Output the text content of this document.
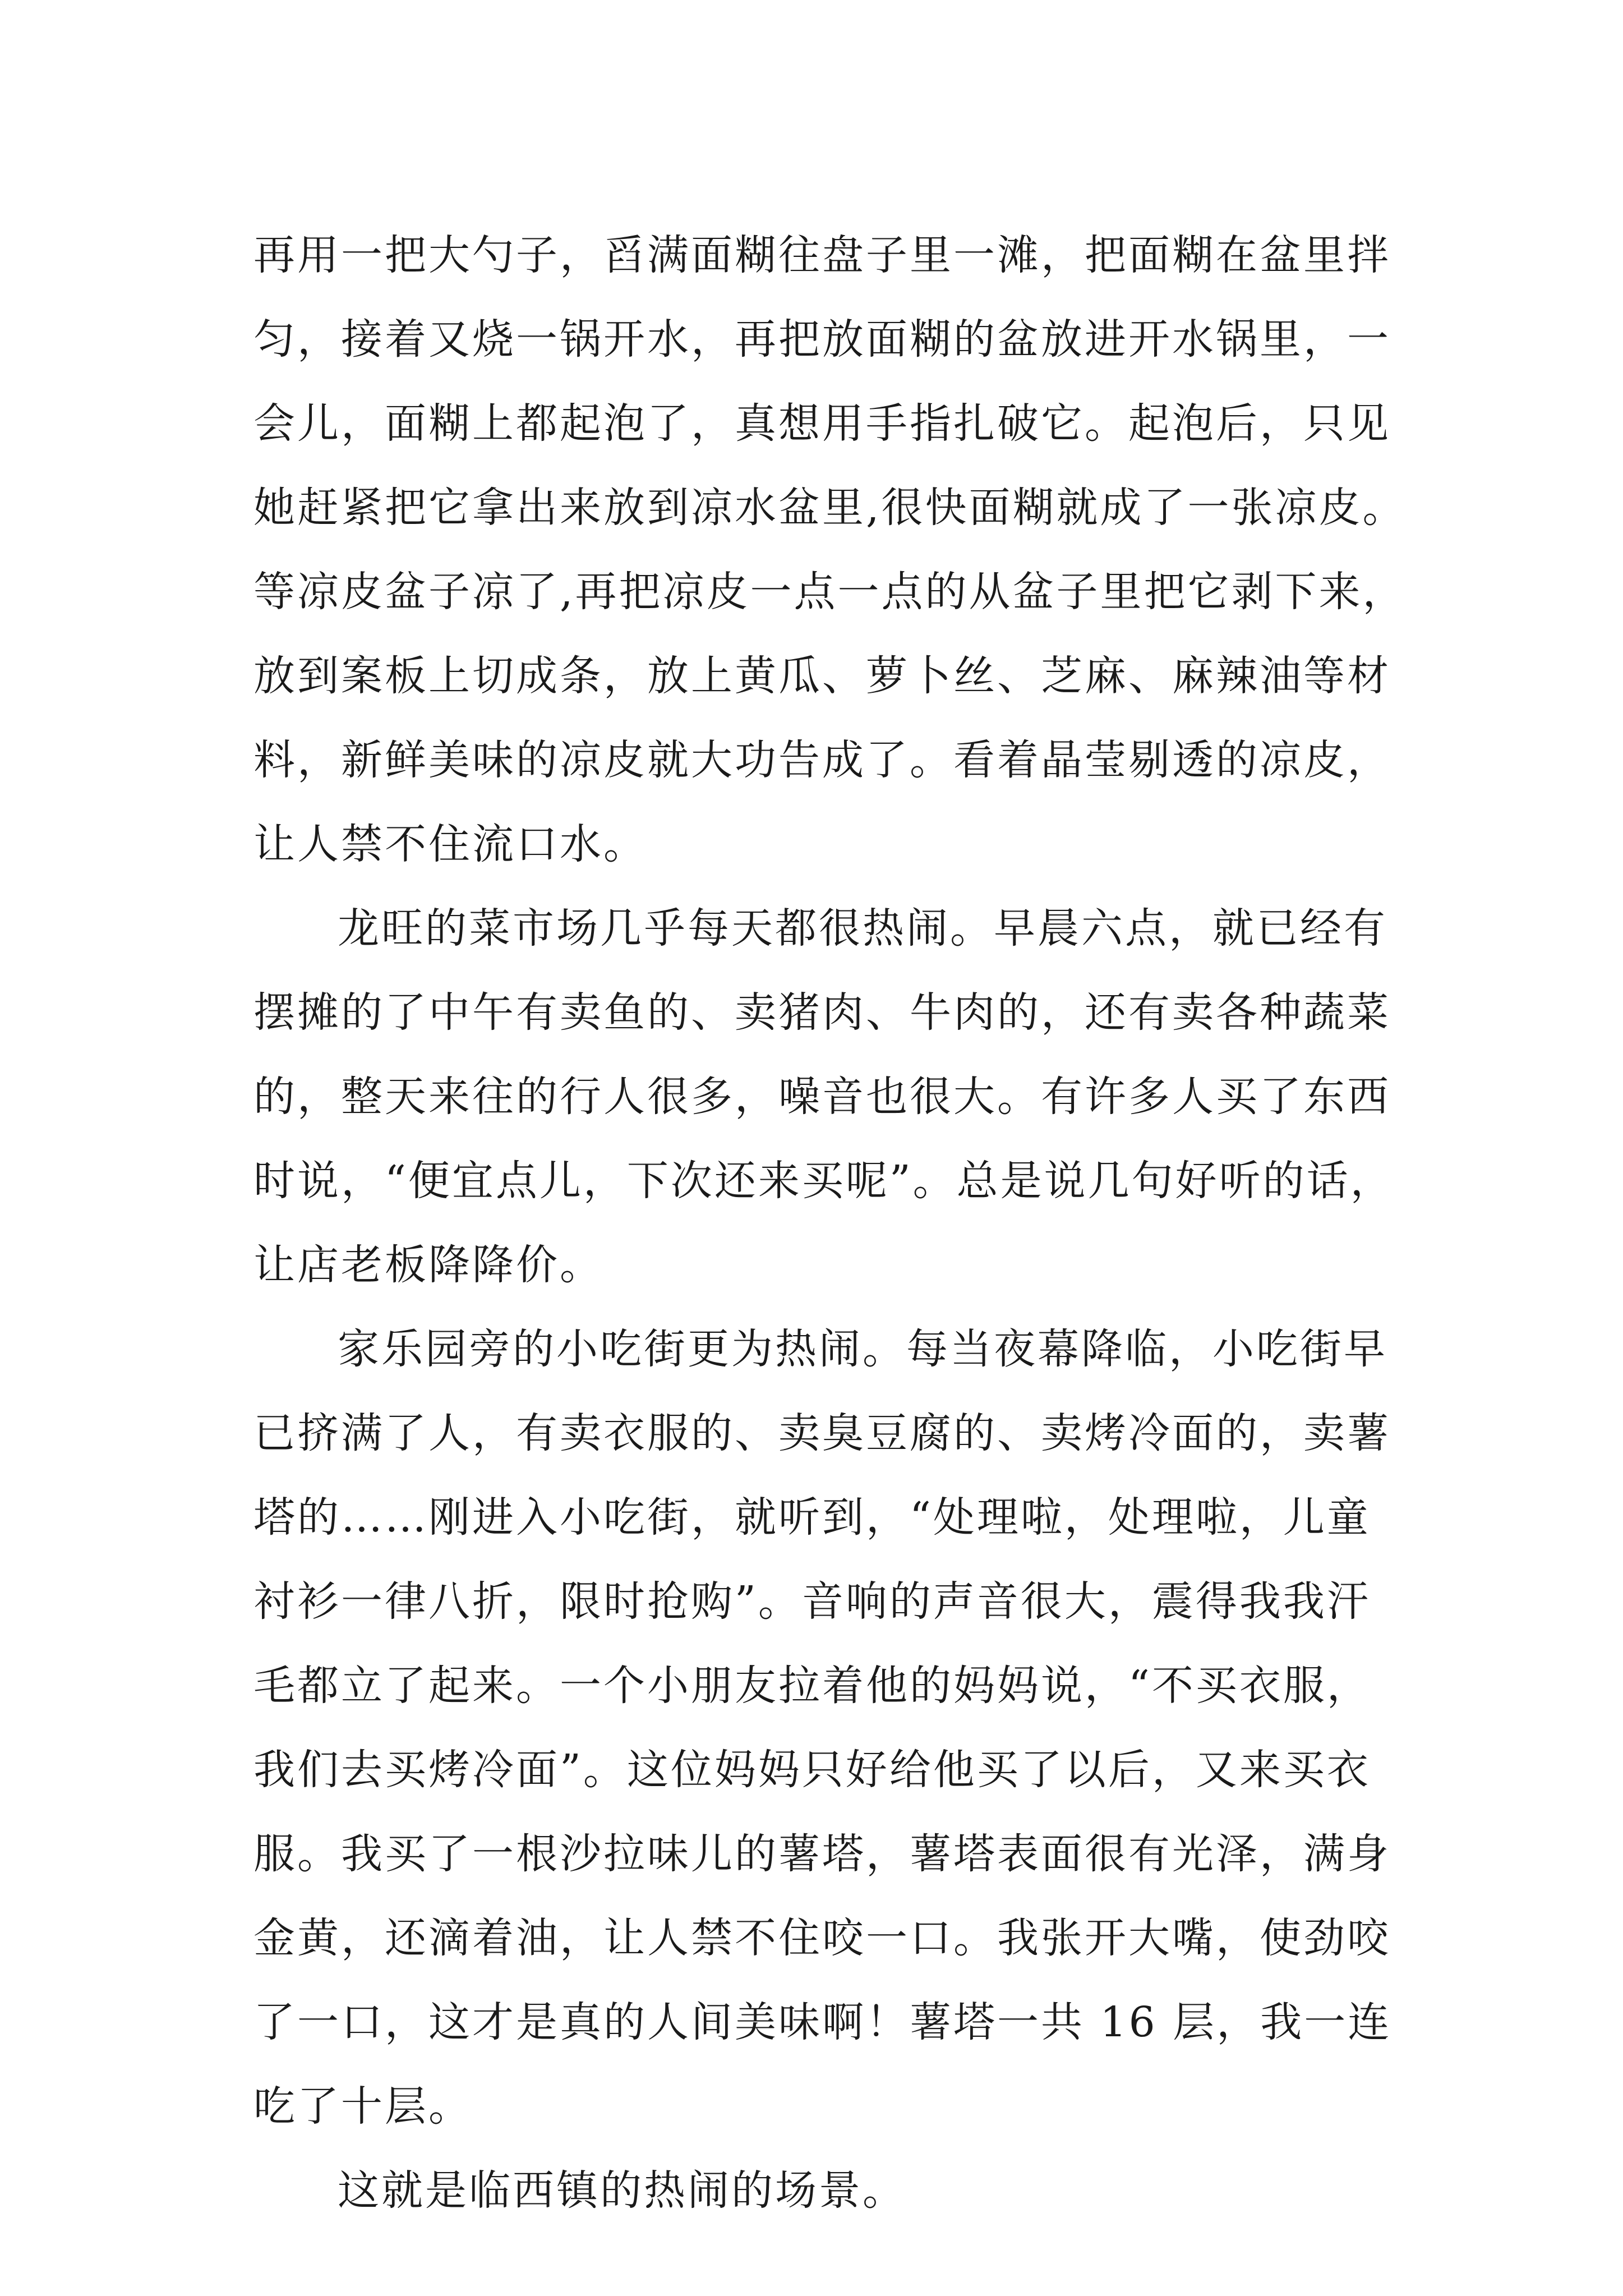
再用一把大勺子，舀满面糊往盘子里一滩，把面糊在盆里拌
匀，接着又烧一锅开水，再把放面糊的盆放进开水锅里，一
会儿，面糊上都起泡了，真想用手指扎破它。起泡后，只见
她赶紧把它拿出来放到凉水盆里,很快面糊就成了一张凉皮。
等凉皮盆子凉了,再把凉皮一点一点的从盆子里把它剥下来，
放到案板上切成条，放上黄瓜、萝卜丝、芝麻、麻辣油等材
料，新鲜美味的凉皮就大功告成了。看着晶莹剔透的凉皮，
让人禁不住流口水。
龙旺的菜市场几乎每天都很热闹。早晨六点，就已经有
摆摊的了中午有卖鱼的、卖猪肉、牛肉的，还有卖各种蔬菜
的，整天来往的行人很多，噪音也很大。有许多人买了东西
时说，“便宜点儿，下次还来买呢”。总是说几句好听的话，
让店老板降降价。
家乐园旁的小吃街更为热闹。每当夜幕降临，小吃街早
已挤满了人，有卖衣服的、卖臭豆腐的、卖烤冷面的，卖薯
塔的……刚进入小吃街，就听到，“处理啦，处理啦，儿童
衬衫一律八折，限时抢购”。音响的声音很大，震得我我汗
毛都立了起来。一个小朋友拉着他的妈妈说，“不买衣服，
我们去买烤冷面”。这位妈妈只好给他买了以后，又来买衣
服。我买了一根沙拉味儿的薯塔，薯塔表面很有光泽，满身
金黄，还滴着油，让人禁不住咬一口。我张开大嘴，使劲咬
了一口，这才是真的人间美味啊！薯塔一共 16 层，我一连
吃了十层。
这就是临西镇的热闹的场景。
